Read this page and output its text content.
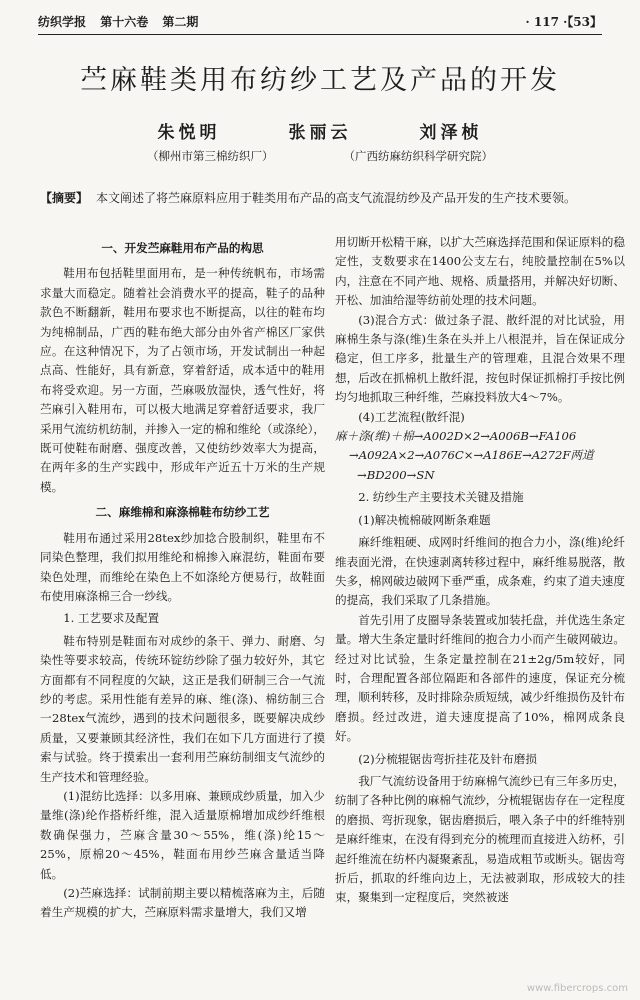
纺织学报 第十六卷 第二期	· 117 ·【53】
苎麻鞋类用布纺纱工艺及产品的开发
朱悦明	张丽云	刘泽桢
（柳州市第三棉纺织厂）	（广西纺麻纺织科学研究院）
【摘要】 本文阐述了将苎麻原料应用于鞋类用布产品的高支气流混纺纱及产品开发的生产技术要领。
一、开发苎麻鞋用布产品的构思

鞋用布包括鞋里面用布，是一种传统帆布，市场需求量大而稳定。随着社会消费水平的提高，鞋子的品种款色不断翻新，鞋用布要求也不断提高，以往的鞋布均为纯棉制品，广西的鞋布绝大部分由外省产棉区厂家供应。在这种情况下，为了占领市场，开发试制出一种起点高、性能好，具有新意，穿着舒适，成本适中的鞋用布将受欢迎。另一方面，苎麻吸放湿快，透气性好，将苎麻引入鞋用布，可以极大地满足穿着舒适要求，我厂采用气流纺机纺制，并掺入一定的棉和维纶（或涤纶），既可使鞋布耐磨、强度改善，又使纺纱效率大为提高，在两年多的生产实践中，形成年产近五十万米的生产规模。

二、麻维棉和麻涤棉鞋布纺纱工艺

鞋用布通过采用28tex纱加捻合股制织，鞋里布不同染色整理，我们拟用维纶和棉掺入麻混纺，鞋面布要染色处理，而维纶在染色上不如涤纶方便易行，故鞋面布使用麻涤棉三合一纱线。

1. 工艺要求及配置

鞋布特别是鞋面布对成纱的条干、弹力、耐磨、匀染性等要求较高，传统环锭纺纱除了强力较好外，其它方面都有不同程度的欠缺，这正是我们研制三合一气流纱的考虑。采用性能有差异的麻、维(涤)、棉纺制三合一28tex气流纱，遇到的技术问题很多，既要解决成纱质量，又要兼顾其经济性，我们在如下几方面进行了摸索与试验。终于摸索出一套利用苎麻纺制细支气流纱的生产技术和管理经验。

(1)混纺比选择：以多用麻、兼顾成纱质量，加入少量维(涤)纶作搭桥纤维，混入适量原棉增加成纱纤维根数确保强力，苎麻含量30～55%，维(涤)纶15～25%，原棉20～45%，鞋面布用纱苎麻含量适当降低。

(2)苎麻选择：试制前期主要以精梳落麻为主，后随着生产规模的扩大，苎麻原料需求量增大，我们又增

用切断开松精干麻，以扩大苎麻选择范围和保证原料的稳定性，支数要求在1400公支左右，纯胶量控制在5%以内，注意在不同产地、规格、质量搭用，并解决好切断、开松、加油给湿等纺前处理的技术问题。

(3)混合方式：做过条子混、散纤混的对比试验，用麻棉生条与涤(维)生条在头并上八根混并，旨在保证成分稳定，但工序多，批量生产的管理难，且混合效果不理想，后改在抓棉机上散纤混，按包时保证抓棉打手按比例均匀地抓取三种纤维，苎麻投料放大4～7%。

(4)工艺流程(散纤混)

麻＋涤(维)＋棉→A002D×2→A006B→FA106
→A092A×2→A076C×→A186E→A272F两道
→BD200→SN
2. 纺纱生产主要技术关键及措施
(1)解决梳棉破网断条难题

麻纤维粗硬、成网时纤维间的抱合力小，涤(维)纶纤维表面光滑，在快速剥离转移过程中，麻纤维易脱落，散失多，棉网破边破网下垂严重，成条难，约束了道夫速度的提高，我们采取了几条措施。

首先引用了皮圈导条装置或加装托盘，并优选生条定量。增大生条定量时纤维间的抱合力小而产生破网破边。经过对比试验，生条定量控制在21±2g/5m较好，同时，合理配置各部位隔距和各部件的速度，保证充分梳理，顺利转移，及时排除杂质短绒，减少纤维损伤及针布磨损。经过改进，道夫速度提高了10%，棉网成条良好。

(2)分梳辊锯齿弯折挂花及针布磨损

我厂气流纺设备用于纺麻棉气流纱已有三年多历史，纺制了各种比例的麻棉气流纱，分梳辊锯齿存在一定程度的磨损、弯折现象，锯齿磨损后，喂入条子中的纤维特别是麻纤维束，在没有得到充分的梳理而直接进入纺杯，引起纤维流在纺杯内凝聚紊乱，易造成粗节或断头。锯齿弯折后，抓取的纤维向边上，无法被剥取，形成较大的挂束，聚集到一定程度后，突然被迷

www.fibercrops.com
